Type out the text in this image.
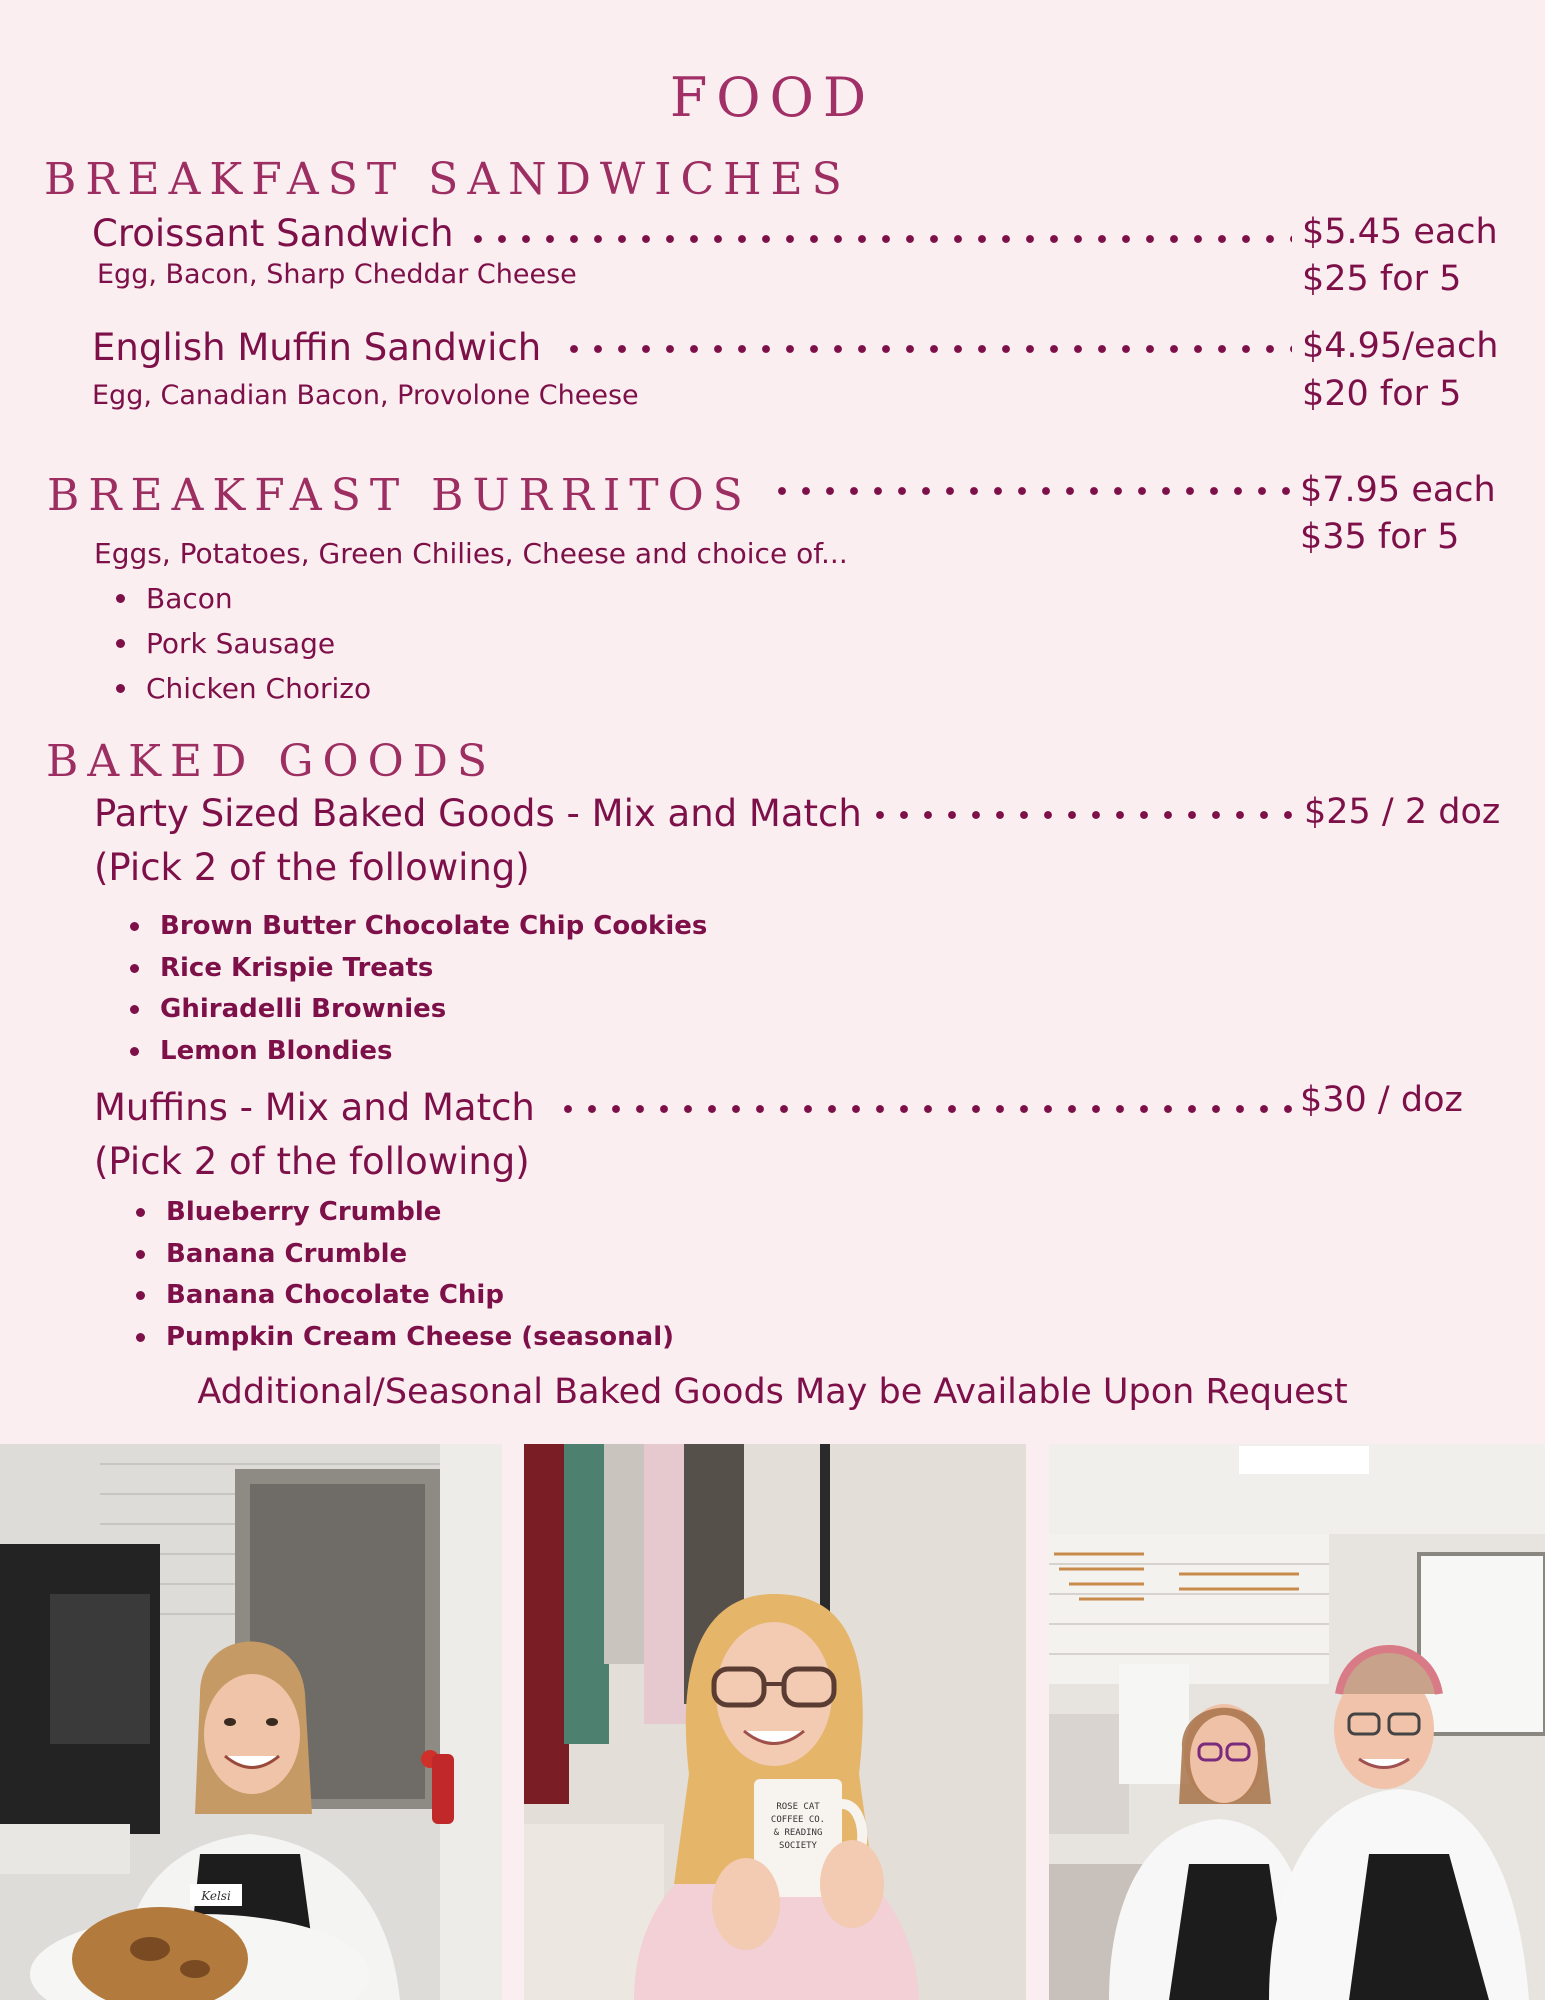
FOOD
BREAKFAST SANDWICHES
Croissant Sandwich	$5.45 each
Egg, Bacon, Sharp Cheddar Cheese	$25 for 5
English Muffin Sandwich	$4.95/each
Egg, Canadian Bacon, Provolone Cheese	$20 for 5
BREAKFAST BURRITOS	$7.95 each
$35 for 5
Eggs, Potatoes, Green Chilies, Cheese and choice of...
Bacon
Pork Sausage
Chicken Chorizo
BAKED GOODS
Party Sized Baked Goods - Mix and Match	$25 / 2 doz
(Pick 2 of the following)
Brown Butter Chocolate Chip Cookies
Rice Krispie Treats
Ghiradelli Brownies
Lemon Blondies
Muffins - Mix and Match	$30 / doz
(Pick 2 of the following)
Blueberry Crumble
Banana Crumble
Banana Chocolate Chip
Pumpkin Cream Cheese (seasonal)
Additional/Seasonal Baked Goods May be Available Upon Request
Kelsi
ROSE CAT
COFFEE CO.
& READING
SOCIETY
